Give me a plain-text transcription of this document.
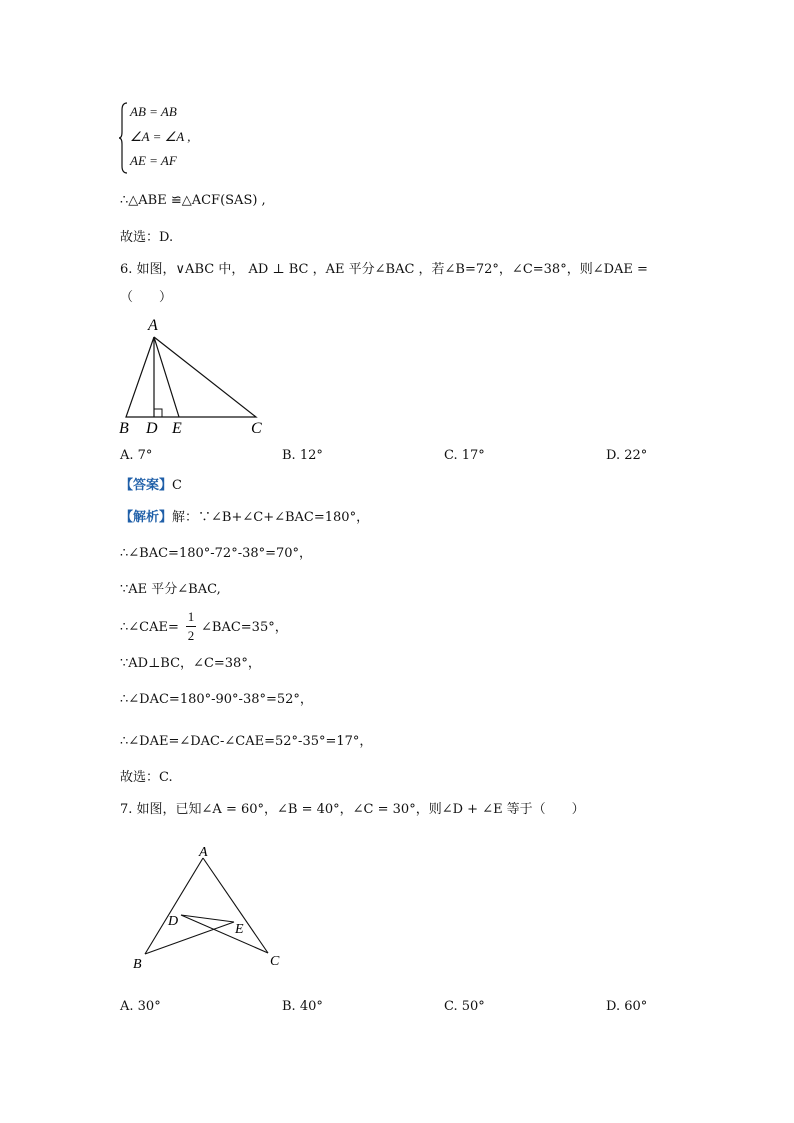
AB = AB
∠A = ∠A ,
AE = AF
∴△ABE ≌△ACF(SAS) ,
故选：D.
6. 如图，∨ABC 中， AD ⊥ BC ，AE 平分∠BAC ，若∠B=72°，∠C=38°，则∠DAE =
（　　）
A
B D E	C
A. 7°	B. 12°	C. 17°	D. 22°
【答案】C
【解析】解：∵∠B+∠C+∠BAC=180°，
∴∠BAC=180°-72°-38°=70°，
∵AE 平分∠BAC,
∴∠CAE=
1
2
∠BAC=35°，
∵AD⊥BC，∠C=38°，
∴∠DAC=180°-90°-38°=52°，
∴∠DAE=∠DAC-∠CAE=52°-35°=17°，
故选：C.
7. 如图，已知∠A = 60°，∠B = 40°，∠C = 30°，则∠D + ∠E 等于（　　）
A
B	C
D
E
A. 30°	B. 40°	C. 50°	D. 60°
